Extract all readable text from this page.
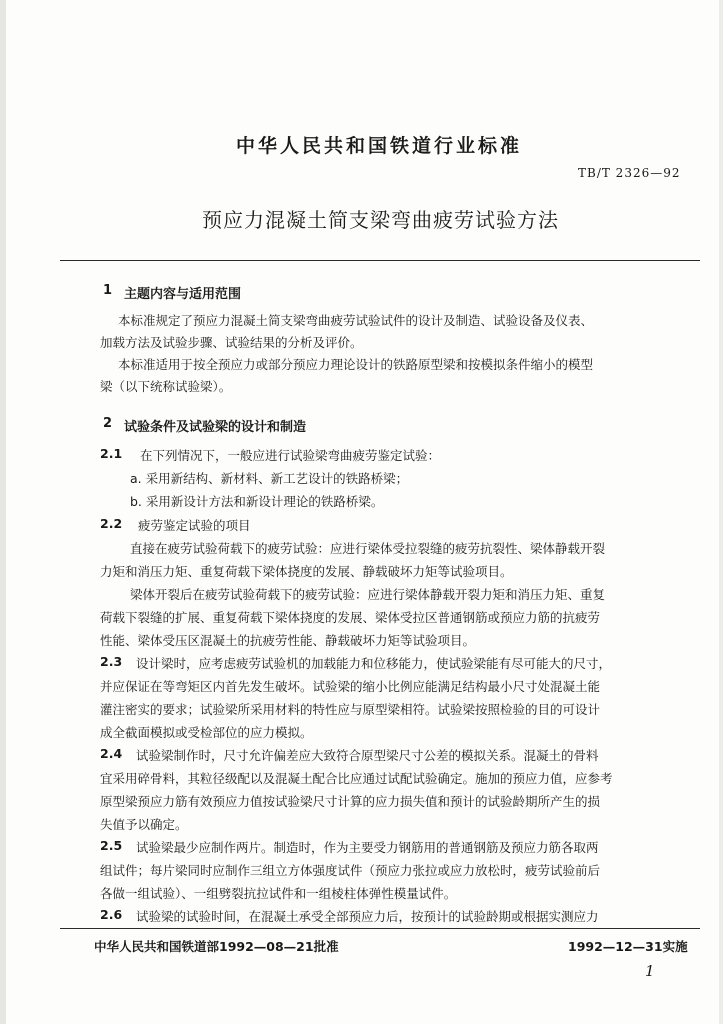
中华人民共和国铁道行业标准
TB/T 2326—92
预应力混凝土简支梁弯曲疲劳试验方法
1 主题内容与适用范围
本标准规定了预应力混凝土简支梁弯曲疲劳试验试件的设计及制造、试验设备及仪表、
加载方法及试验步骤、试验结果的分析及评价。
本标准适用于按全预应力或部分预应力理论设计的铁路原型梁和按模拟条件缩小的模型
梁（以下统称试验梁）。
2 试验条件及试验梁的设计和制造
2.1 在下列情况下，一般应进行试验梁弯曲疲劳鉴定试验：
a. 采用新结构、新材料、新工艺设计的铁路桥梁；
b. 采用新设计方法和新设计理论的铁路桥梁。
2.2 疲劳鉴定试验的项目
直接在疲劳试验荷载下的疲劳试验：应进行梁体受拉裂缝的疲劳抗裂性、梁体静载开裂
力矩和消压力矩、重复荷载下梁体挠度的发展、静载破坏力矩等试验项目。
梁体开裂后在疲劳试验荷载下的疲劳试验：应进行梁体静载开裂力矩和消压力矩、重复
荷载下裂缝的扩展、重复荷载下梁体挠度的发展、梁体受拉区普通钢筋或预应力筋的抗疲劳
性能、梁体受压区混凝土的抗疲劳性能、静载破坏力矩等试验项目。
2.3 设计梁时，应考虑疲劳试验机的加载能力和位移能力，使试验梁能有尽可能大的尺寸，
并应保证在等弯矩区内首先发生破坏。试验梁的缩小比例应能满足结构最小尺寸处混凝土能
灌注密实的要求；试验梁所采用材料的特性应与原型梁相符。试验梁按照检验的目的可设计
成全截面模拟或受检部位的应力模拟。
2.4 试验梁制作时，尺寸允许偏差应大致符合原型梁尺寸公差的模拟关系。混凝土的骨料
宜采用碎骨料，其粒径级配以及混凝土配合比应通过试配试验确定。施加的预应力值，应参考
原型梁预应力筋有效预应力值按试验梁尺寸计算的应力损失值和预计的试验龄期所产生的损
失值予以确定。
2.5 试验梁最少应制作两片。制造时，作为主要受力钢筋用的普通钢筋及预应力筋各取两
组试件；每片梁同时应制作三组立方体强度试件（预应力张拉或应力放松时，疲劳试验前后
各做一组试验）、一组劈裂抗拉试件和一组棱柱体弹性模量试件。
2.6 试验梁的试验时间，在混凝土承受全部预应力后，按预计的试验龄期或根据实测应力
中华人民共和国铁道部1992—08—21批准	1992—12—31实施
1
